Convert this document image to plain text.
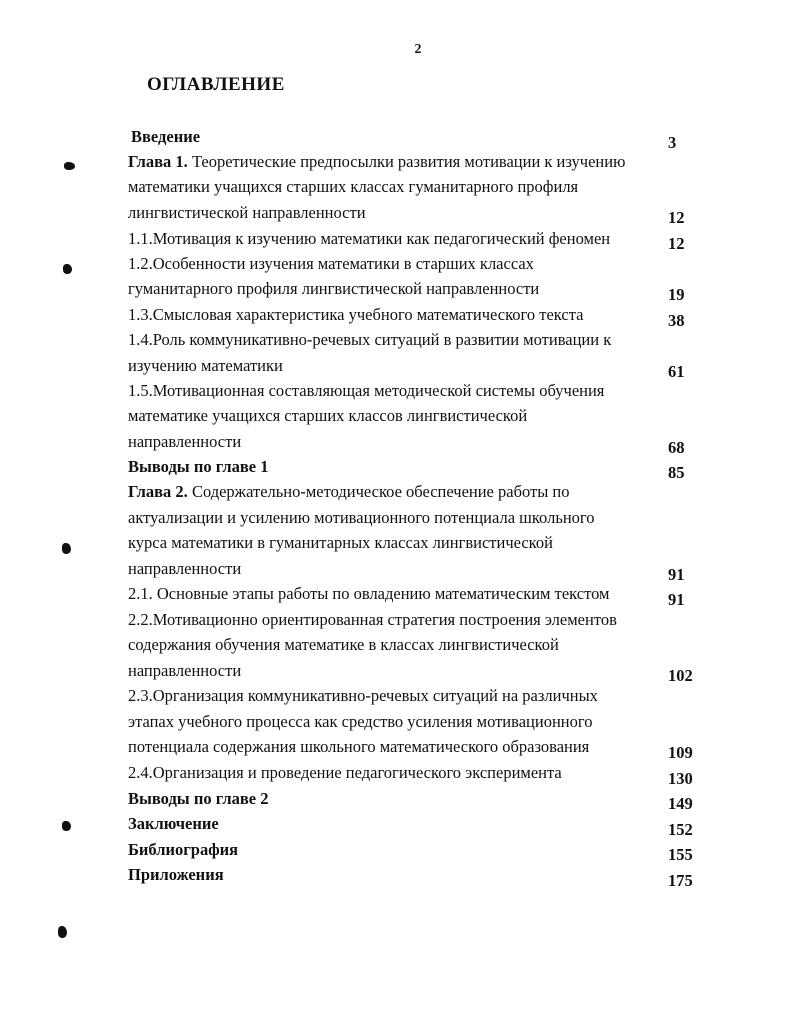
2
ОГЛАВЛЕНИЕ
Введение	3
Глава 1. Теоретические предпосылки развития мотивации к изучению
математики учащихся старших классах гуманитарного профиля
лингвистической направленности	12
1.1.Мотивация к изучению математики как педагогический феномен	12
1.2.Особенности изучения математики в старших классах
гуманитарного профиля лингвистической направленности	19
1.3.Смысловая характеристика учебного математического текста	38
1.4.Роль коммуникативно-речевых ситуаций в развитии мотивации к
изучению математики	61
1.5.Мотивационная составляющая методической системы обучения
математике учащихся старших классов лингвистической
направленности	68
Выводы по главе 1	85
Глава 2. Содержательно-методическое обеспечение работы по
актуализации и усилению мотивационного потенциала школьного
курса математики в гуманитарных классах лингвистической
направленности	91
2.1. Основные этапы работы по овладению математическим текстом	91
2.2.Мотивационно ориентированная стратегия построения элементов
содержания обучения математике в классах лингвистической
направленности	102
2.3.Организация коммуникативно-речевых ситуаций на различных
этапах учебного процесса как средство усиления мотивационного
потенциала содержания школьного математического образования	109
2.4.Организация и проведение педагогического эксперимента	130
Выводы по главе 2	149
Заключение	152
Библиография	155
Приложения	175
